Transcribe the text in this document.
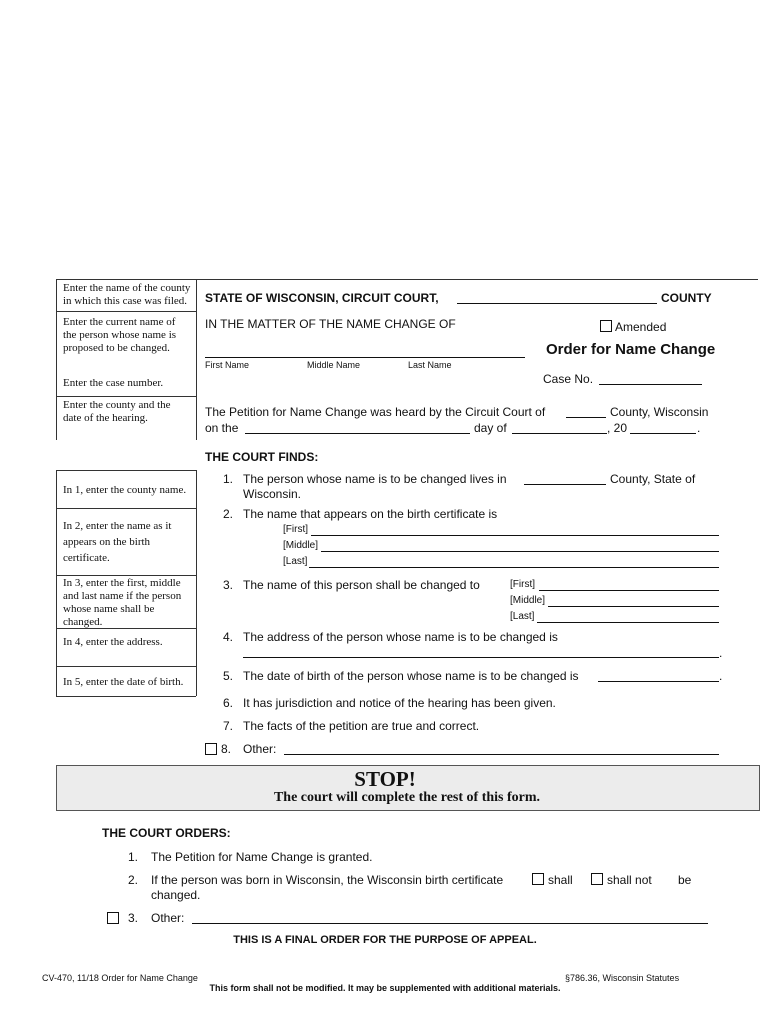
Enter the name of the county in which this case was filed.
Enter the current name of the person whose name is proposed to be changed.
Enter the case number.
Enter the county and the date of the hearing.
In 1, enter the county name.
In 2, enter the name as it appears on the birth certificate.
In 3, enter the first, middle and last name if the person whose name shall be changed.
In 4, enter the address.
In 5, enter the date of birth.
STATE OF WISCONSIN, CIRCUIT COURT,	COUNTY
IN THE MATTER OF THE NAME CHANGE OF	Amended
Order for Name Change
First Name	Middle Name	Last Name
Case No.
The Petition for Name Change was heard by the Circuit Court of	County, Wisconsin
on the	day of	, 20	.
THE COURT FINDS:
1. The person whose name is to be changed lives in	County, State of
Wisconsin.
2. The name that appears on the birth certificate is
[First]
[Middle]
[Last]
3. The name of this person shall be changed to	[First]
[Middle]
[Last]
4. The address of the person whose name is to be changed is
.
5. The date of birth of the person whose name is to be changed is	.
6. It has jurisdiction and notice of the hearing has been given.
7. The facts of the petition are true and correct.
8. Other:
STOP!
The court will complete the rest of this form.
THE COURT ORDERS:
1. The Petition for Name Change is granted.
2. If the person was born in Wisconsin, the Wisconsin birth certificate	shall	shall not be
changed.
3. Other:
THIS IS A FINAL ORDER FOR THE PURPOSE OF APPEAL.
CV-470, 11/18 Order for Name Change	§786.36, Wisconsin Statutes
This form shall not be modified. It may be supplemented with additional materials.
